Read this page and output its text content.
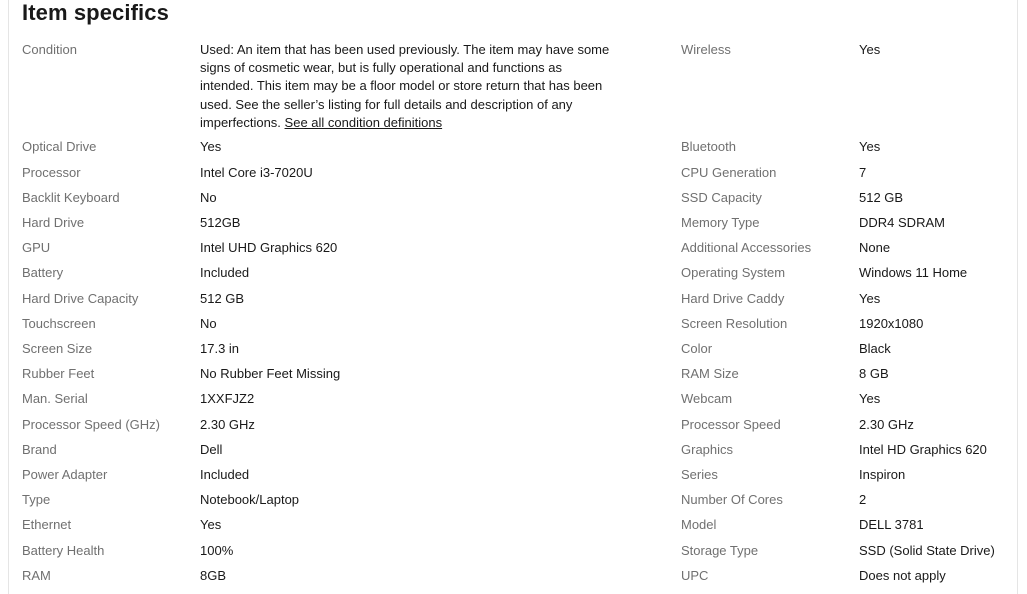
Item specifics
Condition	Used: An item that has been used previously. The item may have some signs of cosmetic wear, but is fully operational and functions as intended. This item may be a floor model or store return that has been used. See the seller’s listing for full details and description of any imperfections. See all condition definitions
Wireless	Yes
Optical Drive	Yes
Processor	Intel Core i3-7020U
Backlit Keyboard	No
Hard Drive	512GB
GPU	Intel UHD Graphics 620
Battery	Included
Hard Drive Capacity	512 GB
Touchscreen	No
Screen Size	17.3 in
Rubber Feet	No Rubber Feet Missing
Man. Serial	1XXFJZ2
Processor Speed (GHz)	2.30 GHz
Brand	Dell
Power Adapter	Included
Type	Notebook/Laptop
Ethernet	Yes
Battery Health	100%
RAM	8GB
Bluetooth	Yes
CPU Generation	7
SSD Capacity	512 GB
Memory Type	DDR4 SDRAM
Additional Accessories	None
Operating System	Windows 11 Home
Hard Drive Caddy	Yes
Screen Resolution	1920x1080
Color	Black
RAM Size	8 GB
Webcam	Yes
Processor Speed	2.30 GHz
Graphics	Intel HD Graphics 620
Series	Inspiron
Number Of Cores	2
Model	DELL 3781
Storage Type	SSD (Solid State Drive)
UPC	Does not apply
